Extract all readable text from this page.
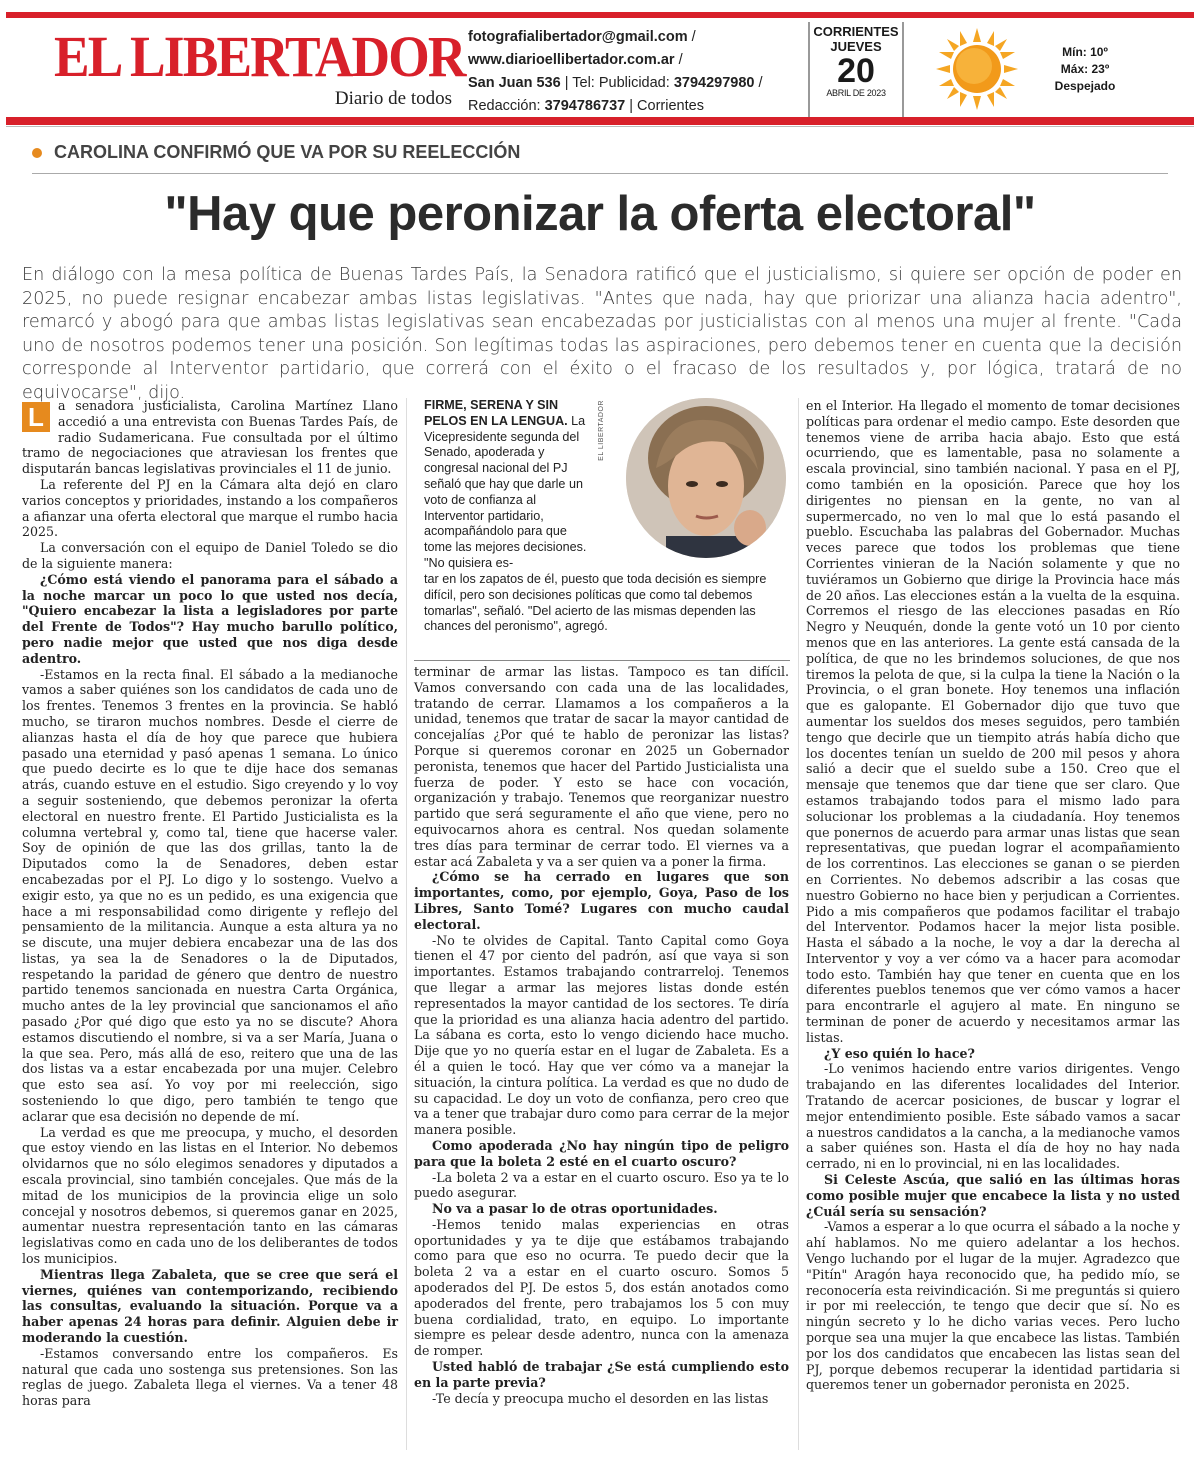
EL LIBERTADOR
Diario de todos
fotografialibertador@gmail.com /
www.diarioellibertador.com.ar /
San Juan 536 | Tel: Publicidad: 3794297980 /
Redacción: 3794786737 | Corrientes
CORRIENTES
JUEVES
20
ABRIL DE 2023
Mín: 10º
Máx: 23º
Despejado
CAROLINA CONFIRMÓ QUE VA POR SU REELECCIÓN
"Hay que peronizar la oferta electoral"
En diálogo con la mesa política de Buenas Tardes País, la Senadora ratificó que el justicialismo, si quiere ser opción de poder en 2025, no puede resignar encabezar ambas listas legislativas. "Antes que nada, hay que priorizar una alianza hacia adentro", remarcó y abogó para que ambas listas legislativas sean encabezadas por justicialistas con al menos una mujer al frente. "Cada uno de nosotros podemos tener una posición. Son legítimas todas las aspiraciones, pero debemos tener en cuenta que la decisión corresponde al Interventor partidario, que correrá con el éxito o el fracaso de los resultados y, por lógica, tratará de no equivocarse", dijo.
L	a senadora justicialista, Carolina Martínez Llano accedió a una entrevista con Buenas Tardes País, de radio Sudamericana. Fue consultada por el último tramo de negociaciones que atraviesan los frentes que disputarán bancas legislativas provinciales el 11 de junio.

La referente del PJ en la Cámara alta dejó en claro varios conceptos y prioridades, instando a los compañeros a afianzar una oferta electoral que marque el rumbo hacia 2025.

La conversación con el equipo de Daniel Toledo se dio de la siguiente manera:

¿Cómo está viendo el panorama para el sábado a la noche marcar un poco lo que usted nos decía, "Quiero encabezar la lista a legisladores por parte del Frente de Todos"? Hay mucho barullo político, pero nadie mejor que usted que nos diga desde adentro.

-Estamos en la recta final. El sábado a la medianoche vamos a saber quiénes son los candidatos de cada uno de los frentes. Tenemos 3 frentes en la provincia. Se habló mucho, se tiraron muchos nombres. Desde el cierre de alianzas hasta el día de hoy que parece que hubiera pasado una eternidad y pasó apenas 1 semana. Lo único que puedo decirte es lo que te dije hace dos semanas atrás, cuando estuve en el estudio. Sigo creyendo y lo voy a seguir sosteniendo, que debemos peronizar la oferta electoral en nuestro frente. El Partido Justicialista es la columna vertebral y, como tal, tiene que hacerse valer. Soy de opinión de que las dos grillas, tanto la de Diputados como la de Senadores, deben estar encabezadas por el PJ. Lo digo y lo sostengo. Vuelvo a exigir esto, ya que no es un pedido, es una exigencia que hace a mi responsabilidad como dirigente y reflejo del pensamiento de la militancia. Aunque a esta altura ya no se discute, una mujer debiera encabezar una de las dos listas, ya sea la de Senadores o la de Diputados, respetando la paridad de género que dentro de nuestro partido tenemos sancionada en nuestra Carta Orgánica, mucho antes de la ley provincial que sancionamos el año pasado ¿Por qué digo que esto ya no se discute? Ahora estamos discutiendo el nombre, si va a ser María, Juana o la que sea. Pero, más allá de eso, reitero que una de las dos listas va a estar encabezada por una mujer. Celebro que esto sea así. Yo voy por mi reelección, sigo sosteniendo lo que digo, pero también te tengo que aclarar que esa decisión no depende de mí.

La verdad es que me preocupa, y mucho, el desorden que estoy viendo en las listas en el Interior. No debemos olvidarnos que no sólo elegimos senadores y diputados a escala provincial, sino también concejales. Que más de la mitad de los municipios de la provincia elige un solo concejal y nosotros debemos, si queremos ganar en 2025, aumentar nuestra representación tanto en las cámaras legislativas como en cada uno de los deliberantes de todos los municipios.

Mientras llega Zabaleta, que se cree que será el viernes, quiénes van contemporizando, recibiendo las consultas, evaluando la situación. Porque va a haber apenas 24 horas para definir. Alguien debe ir moderando la cuestión.

-Estamos conversando entre los compañeros. Es natural que cada uno sostenga sus pretensiones. Son las reglas de juego. Zabaleta llega el viernes. Va a tener 48 horas para

FIRME, SERENA Y SIN PELOS EN LA LENGUA. La Vicepresidente segunda del Senado, apoderada y congresal nacional del PJ señaló que hay que darle un voto de confianza al Interventor partidario, acompañándolo para que tome las mejores decisiones. "No quisiera es-
tar en los zapatos de él, puesto que toda decisión es siempre difícil, pero son decisiones políticas que como tal debemos tomarlas", señaló. "Del acierto de las mismas dependen las chances del peronismo", agregó.
EL LIBERTADOR

terminar de armar las listas. Tampoco es tan difícil. Vamos conversando con cada una de las localidades, tratando de cerrar. Llamamos a los compañeros a la unidad, tenemos que tratar de sacar la mayor cantidad de concejalías ¿Por qué te hablo de peronizar las listas? Porque si queremos coronar en 2025 un Gobernador peronista, tenemos que hacer del Partido Justicialista una fuerza de poder. Y esto se hace con vocación, organización y trabajo. Tenemos que reorganizar nuestro partido que será seguramente el año que viene, pero no equivocarnos ahora es central. Nos quedan solamente tres días para terminar de cerrar todo. El viernes va a estar acá Zabaleta y va a ser quien va a poner la firma.

¿Cómo se ha cerrado en lugares que son importantes, como, por ejemplo, Goya, Paso de los Libres, Santo Tomé? Lugares con mucho caudal electoral.

-No te olvides de Capital. Tanto Capital como Goya tienen el 47 por ciento del padrón, así que vaya si son importantes. Estamos trabajando contrarreloj. Tenemos que llegar a armar las mejores listas donde estén representados la mayor cantidad de los sectores. Te diría que la prioridad es una alianza hacia adentro del partido. La sábana es corta, esto lo vengo diciendo hace mucho. Dije que yo no quería estar en el lugar de Zabaleta. Es a él a quien le tocó. Hay que ver cómo va a manejar la situación, la cintura política. La verdad es que no dudo de su capacidad. Le doy un voto de confianza, pero creo que va a tener que trabajar duro como para cerrar de la mejor manera posible.

Como apoderada ¿No hay ningún tipo de peligro para que la boleta 2 esté en el cuarto oscuro?

-La boleta 2 va a estar en el cuarto oscuro. Eso ya te lo puedo asegurar.

No va a pasar lo de otras oportunidades.

-Hemos tenido malas experiencias en otras oportunidades y ya te dije que estábamos trabajando como para que eso no ocurra. Te puedo decir que la boleta 2 va a estar en el cuarto oscuro. Somos 5 apoderados del PJ. De estos 5, dos están anotados como apoderados del frente, pero trabajamos los 5 con muy buena cordialidad, trato, en equipo. Lo importante siempre es pelear desde adentro, nunca con la amenaza de romper.

Usted habló de trabajar ¿Se está cumpliendo esto en la parte previa?

-Te decía y preocupa mucho el desorden en las listas

en el Interior. Ha llegado el momento de tomar decisiones políticas para ordenar el medio campo. Este desorden que tenemos viene de arriba hacia abajo. Esto que está ocurriendo, que es lamentable, pasa no solamente a escala provincial, sino también nacional. Y pasa en el PJ, como también en la oposición. Parece que hoy los dirigentes no piensan en la gente, no van al supermercado, no ven lo mal que lo está pasando el pueblo. Escuchaba las palabras del Gobernador. Muchas veces parece que todos los problemas que tiene Corrientes vinieran de la Nación solamente y que no tuviéramos un Gobierno que dirige la Provincia hace más de 20 años. Las elecciones están a la vuelta de la esquina. Corremos el riesgo de las elecciones pasadas en Río Negro y Neuquén, donde la gente votó un 10 por ciento menos que en las anteriores. La gente está cansada de la política, de que no les brindemos soluciones, de que nos tiremos la pelota de que, si la culpa la tiene la Nación o la Provincia, o el gran bonete. Hoy tenemos una inflación que es galopante. El Gobernador dijo que tuvo que aumentar los sueldos dos meses seguidos, pero también tengo que decirle que un tiempito atrás había dicho que los docentes tenían un sueldo de 200 mil pesos y ahora salió a decir que el sueldo sube a 150. Creo que el mensaje que tenemos que dar tiene que ser claro. Que estamos trabajando todos para el mismo lado para solucionar los problemas a la ciudadanía. Hoy tenemos que ponernos de acuerdo para armar unas listas que sean representativas, que puedan lograr el acompañamiento de los correntinos. Las elecciones se ganan o se pierden en Corrientes. No debemos adscribir a las cosas que nuestro Gobierno no hace bien y perjudican a Corrientes. Pido a mis compañeros que podamos facilitar el trabajo del Interventor. Podamos hacer la mejor lista posible. Hasta el sábado a la noche, le voy a dar la derecha al Interventor y voy a ver cómo va a hacer para acomodar todo esto. También hay que tener en cuenta que en los diferentes pueblos tenemos que ver cómo vamos a hacer para encontrarle el agujero al mate. En ninguno se terminan de poner de acuerdo y necesitamos armar las listas.

¿Y eso quién lo hace?

-Lo venimos haciendo entre varios dirigentes. Vengo trabajando en las diferentes localidades del Interior. Tratando de acercar posiciones, de buscar y lograr el mejor entendimiento posible. Este sábado vamos a sacar a nuestros candidatos a la cancha, a la medianoche vamos a saber quiénes son. Hasta el día de hoy no hay nada cerrado, ni en lo provincial, ni en las localidades.

Si Celeste Ascúa, que salió en las últimas horas como posible mujer que encabece la lista y no usted ¿Cuál sería su sensación?

-Vamos a esperar a lo que ocurra el sábado a la noche y ahí hablamos. No me quiero adelantar a los hechos. Vengo luchando por el lugar de la mujer. Agradezco que "Pitín" Aragón haya reconocido que, ha pedido mío, se reconocería esta reivindicación. Si me preguntás si quiero ir por mi reelección, te tengo que decir que sí. No es ningún secreto y lo he dicho varias veces. Pero lucho porque sea una mujer la que encabece las listas. También por los dos candidatos que encabecen las listas sean del PJ, porque debemos recuperar la identidad partidaria si queremos tener un gobernador peronista en 2025.
